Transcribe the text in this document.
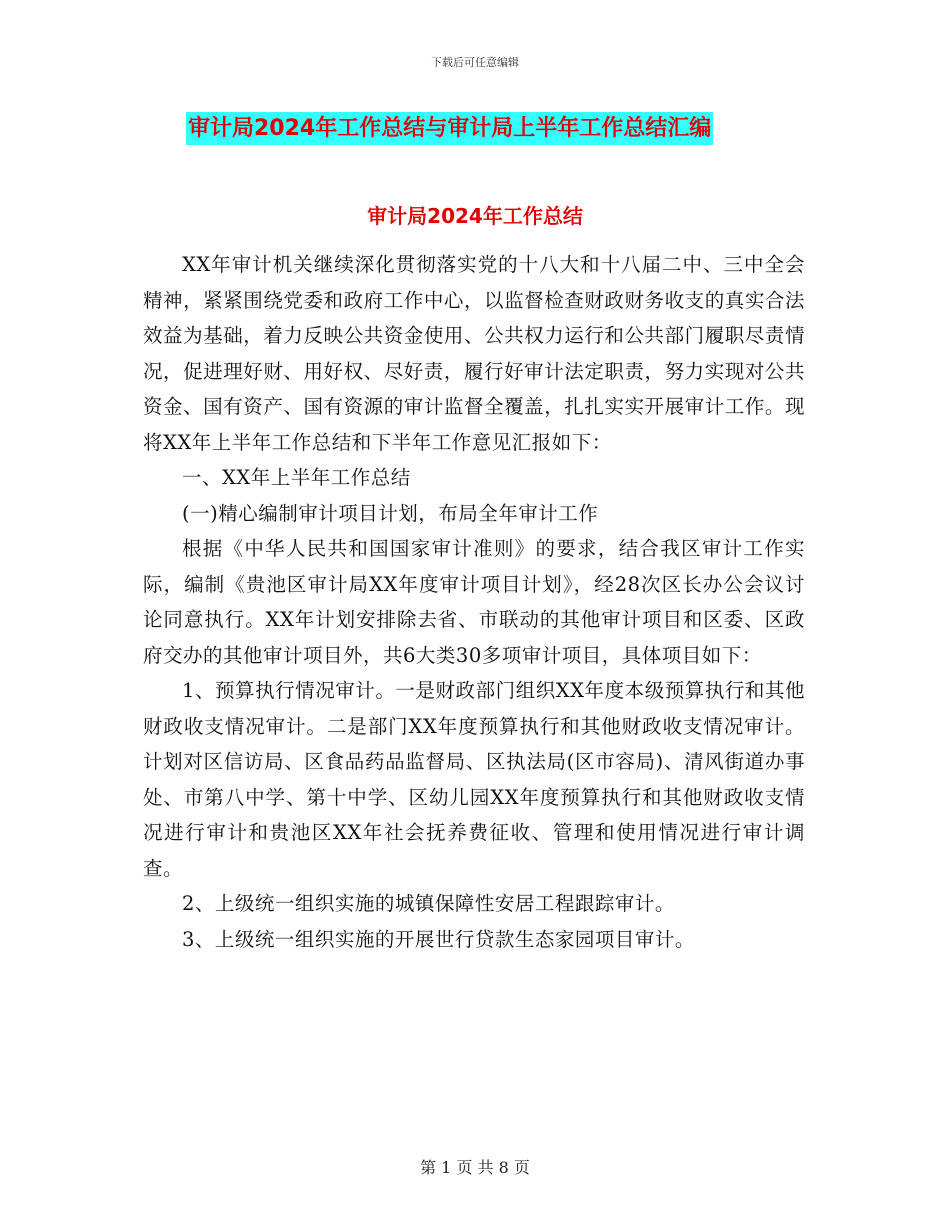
下载后可任意编辑
审计局2024年工作总结与审计局上半年工作总结汇编
审计局2024年工作总结

XX年审计机关继续深化贯彻落实党的十八大和十八届二中、三中全会精神，紧紧围绕党委和政府工作中心，以监督检查财政财务收支的真实合法效益为基础，着力反映公共资金使用、公共权力运行和公共部门履职尽责情况，促进理好财、用好权、尽好责，履行好审计法定职责，努力实现对公共资金、国有资产、国有资源的审计监督全覆盖，扎扎实实开展审计工作。现将XX年上半年工作总结和下半年工作意见汇报如下：

一、XX年上半年工作总结

(一)精心编制审计项目计划，布局全年审计工作

根据《中华人民共和国国家审计准则》的要求，结合我区审计工作实际，编制《贵池区审计局XX年度审计项目计划》，经28次区长办公会议讨论同意执行。XX年计划安排除去省、市联动的其他审计项目和区委、区政府交办的其他审计项目外，共6大类30多项审计项目，具体项目如下：

1、预算执行情况审计。一是财政部门组织XX年度本级预算执行和其他财政收支情况审计。二是部门XX年度预算执行和其他财政收支情况审计。计划对区信访局、区食品药品监督局、区执法局(区市容局)、清风街道办事处、市第八中学、第十中学、区幼儿园XX年度预算执行和其他财政收支情况进行审计和贵池区XX年社会抚养费征收、管理和使用情况进行审计调查。

2、上级统一组织实施的城镇保障性安居工程跟踪审计。

3、上级统一组织实施的开展世行贷款生态家园项目审计。

第 1 页 共 8 页
